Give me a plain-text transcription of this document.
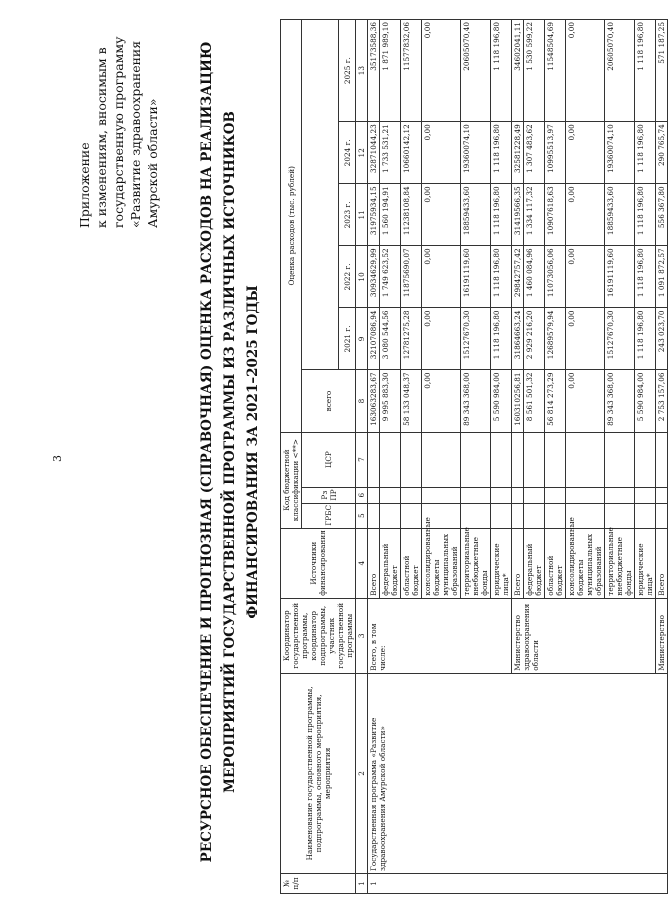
3
Приложение к изменениям, вносимым в государственную программу «Развитие здравоохранения Амурской области»	РЕСУРСНОЕ ОБЕСПЕЧЕНИЕ И ПРОГНОЗНАЯ (СПРАВОЧНАЯ) ОЦЕНКА РАСХОДОВ НА РЕАЛИЗАЦИЮ МЕРОПРИЯТИЙ ГОСУДАРСТВЕННОЙ ПРОГРАММЫ ИЗ РАЗЛИЧНЫХ ИСТОЧНИКОВ ФИНАНСИРОВАНИЯ ЗА 2021–2025 ГОДЫ
№ п/п	Наименование государственной программы, подпрограммы, основного мероприятия, мероприятия	Координатор государственной программы, координатор подпрограммы, участник государственной программы	Источники финансирования	Код бюджетной классификации <**>			Оценка расходов (тыс. рублей)					
				ГРБС	Рз ПР	ЦСР	всего					
								2021 г.	2022 г.	2023 г.	2024 г.	2025 г.
1	2	3	4	5	6	7	8	9	10	11	12	13
1	Государственная программа «Развитие здравоохранения Амурской области»	Всего, в том числе:	Всего				163063283,67	32107086,94	30934629,99	31975934,15	32871044,23	35173588,36
			федеральный бюджет				9 995 883,30	3 080 544,56	1 749 623,52	1 560 194,91	1 733 531,21	1 871 989,10
			областной бюджет				58 133 048,37	12781275,28	11875690,07	11238108,84	10660142,12	11577832,06
			консолидированные бюджеты муниципальных образований				0,00	0,00	0,00	0,00	0,00	0,00
			территориальные внебюджетные фонды				89 343 368,00	15127670,30	16191119,60	18859433,60	19360074,10	20605070,40
			юридические лица*				5 590 984,00	1 118 196,80	1 118 196,80	1 118 196,80	1 118 196,80	1 118 196,80
		Министерство здравоохранения области	Всего				160310256,81	31864663,24	29842757,42	31419566,35	32581228,49	34602041,11
			федеральный бюджет				8 561 501,32	2 929 216,20	1 460 084,96	1 334 117,32	1 307 483,62	1 530 599,22
			областной бюджет				56 814 273,29	12689579,94	11073056,06	10907618,63	10995513,97	11548504,69
			консолидированные бюджеты муниципальных образований				0,00	0,00	0,00	0,00	0,00	0,00
			территориальные внебюджетные фонды				89 343 368,00	15127670,30	16191119,60	18859433,60	19360074,10	20605070,40
			юридические лица*				5 590 984,00	1 118 196,80	1 118 196,80	1 118 196,80	1 118 196,80	1 118 196,80
		Министерство	Всего				2 753 157,06	243 023,70	1 091 872,57	556 367,80	290 765,74	571 187,25
